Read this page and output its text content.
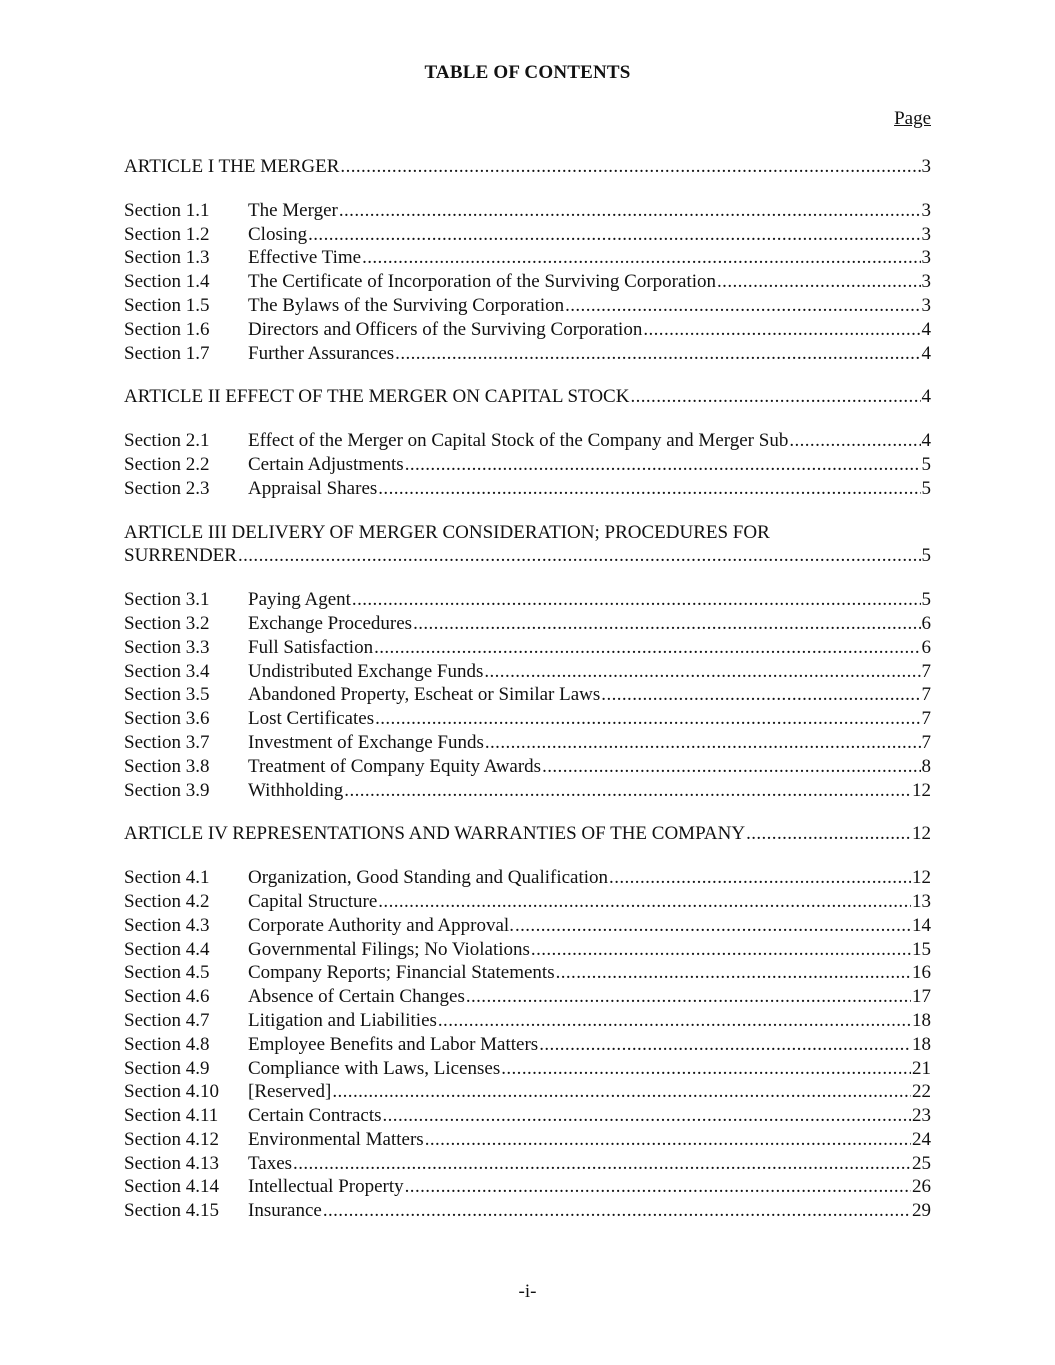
TABLE OF CONTENTS
Page
ARTICLE I THE MERGER .....	3
Section 1.1	The Merger .....	3
Section 1.2	Closing .....	3
Section 1.3	Effective Time .....	3
Section 1.4	The Certificate of Incorporation of the Surviving Corporation .....	3
Section 1.5	The Bylaws of the Surviving Corporation .....	3
Section 1.6	Directors and Officers of the Surviving Corporation .....	4
Section 1.7	Further Assurances .....	4
ARTICLE II EFFECT OF THE MERGER ON CAPITAL STOCK .....	4
Section 2.1	Effect of the Merger on Capital Stock of the Company and Merger Sub .....	4
Section 2.2	Certain Adjustments .....	5
Section 2.3	Appraisal Shares .....	5
ARTICLE III DELIVERY OF MERGER CONSIDERATION; PROCEDURES FOR
SURRENDER .....	5
Section 3.1	Paying Agent .....	5
Section 3.2	Exchange Procedures .....	6
Section 3.3	Full Satisfaction .....	6
Section 3.4	Undistributed Exchange Funds .....	7
Section 3.5	Abandoned Property, Escheat or Similar Laws .....	7
Section 3.6	Lost Certificates .....	7
Section 3.7	Investment of Exchange Funds .....	7
Section 3.8	Treatment of Company Equity Awards .....	8
Section 3.9	Withholding .....	12
ARTICLE IV REPRESENTATIONS AND WARRANTIES OF THE COMPANY .....	12
Section 4.1	Organization, Good Standing and Qualification .....	12
Section 4.2	Capital Structure .....	13
Section 4.3	Corporate Authority and Approval. .....	14
Section 4.4	Governmental Filings; No Violations .....	15
Section 4.5	Company Reports; Financial Statements .....	16
Section 4.6	Absence of Certain Changes .....	17
Section 4.7	Litigation and Liabilities .....	18
Section 4.8	Employee Benefits and Labor Matters .....	18
Section 4.9	Compliance with Laws, Licenses .....	21
Section 4.10	[Reserved] .....	22
Section 4.11	Certain Contracts .....	23
Section 4.12	Environmental Matters .....	24
Section 4.13	Taxes .....	25
Section 4.14	Intellectual Property .....	26
Section 4.15	Insurance .....	29
-i-
